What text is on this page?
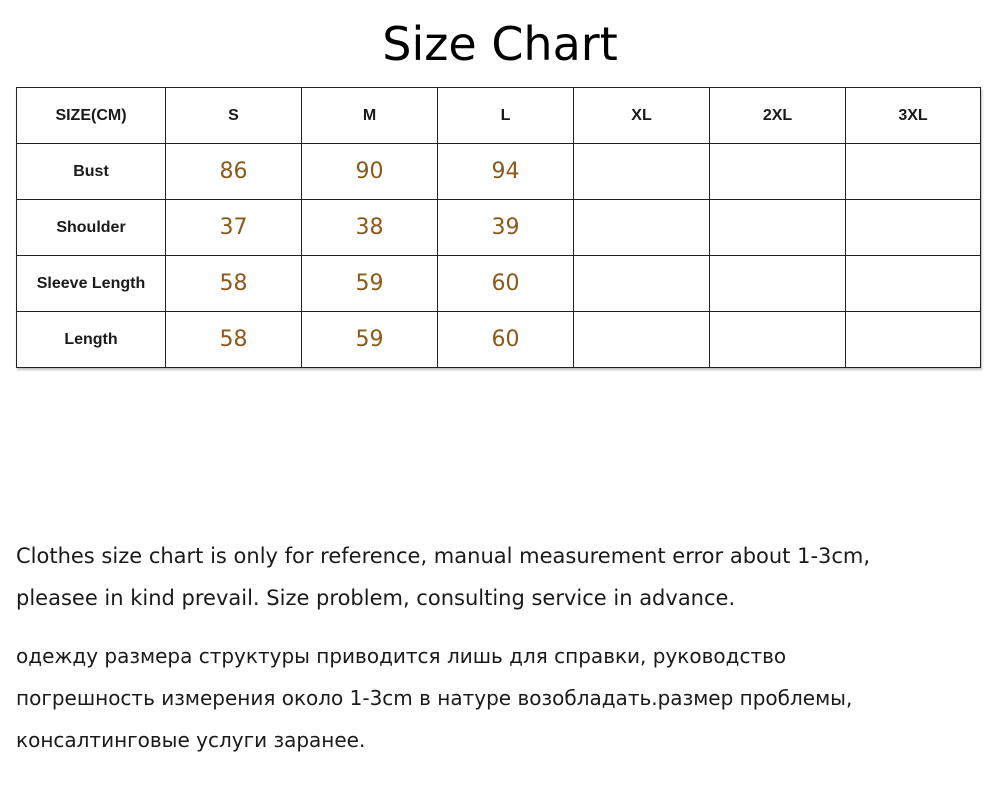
Size Chart
SIZE(CM)	S	M	L	XL	2XL	3XL
Bust	86	90	94			
Shoulder	37	38	39			
Sleeve Length	58	59	60			
Length	58	59	60			
Clothes size chart is only for reference, manual measurement error about 1-3cm,
pleasee in kind prevail. Size problem, consulting service in advance.
одежду размера структуры приводится лишь для справки, руководство
погрешность измерения около 1-3cm в натуре возобладать.размер проблемы,
консалтинговые услуги заранее.
